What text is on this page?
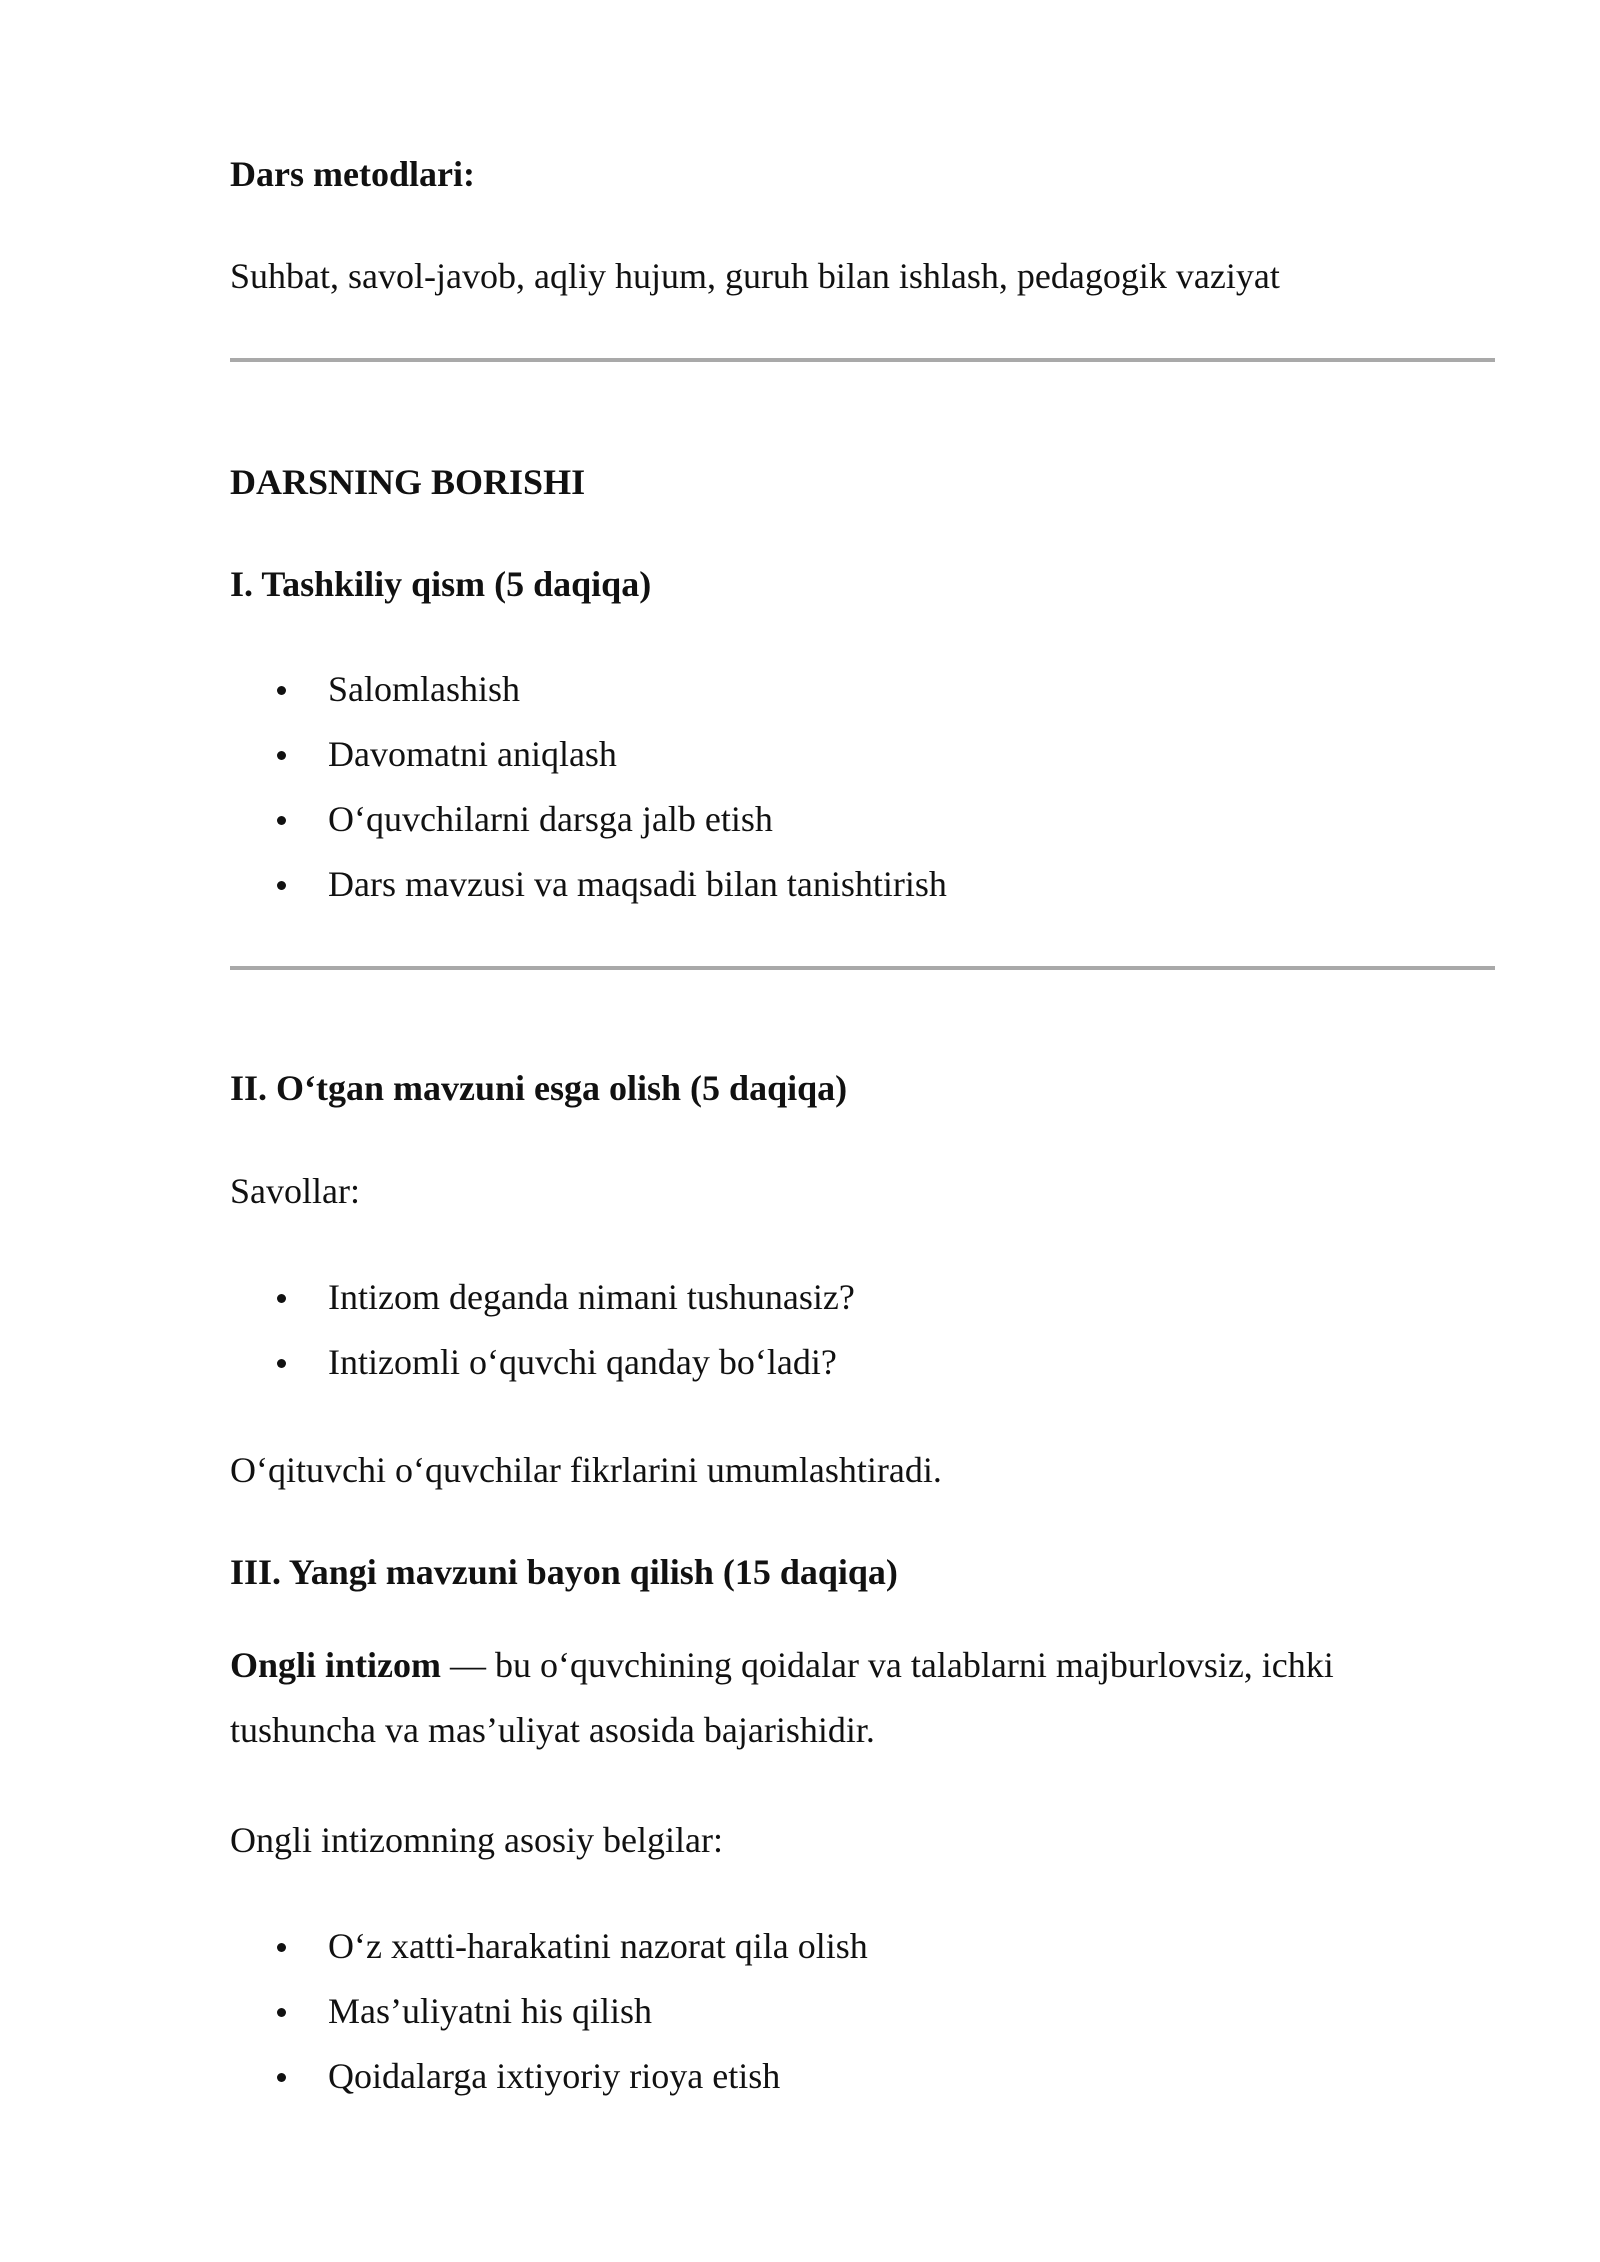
Dars metodlari:
Suhbat, savol-javob, aqliy hujum, guruh bilan ishlash, pedagogik vaziyat
DARSNING BORISHI
I. Tashkiliy qism (5 daqiqa)
Salomlashish
Davomatni aniqlash
O‘quvchilarni darsga jalb etish
Dars mavzusi va maqsadi bilan tanishtirish
II. O‘tgan mavzuni esga olish (5 daqiqa)
Savollar:
Intizom deganda nimani tushunasiz?
Intizomli o‘quvchi qanday bo‘ladi?
O‘qituvchi o‘quvchilar fikrlarini umumlashtiradi.
III. Yangi mavzuni bayon qilish (15 daqiqa)
Ongli intizom — bu o‘quvchining qoidalar va talablarni majburlovsiz, ichki tushuncha va mas’uliyat asosida bajarishidir.
Ongli intizomning asosiy belgilar:
O‘z xatti-harakatini nazorat qila olish
Mas’uliyatni his qilish
Qoidalarga ixtiyoriy rioya etish
